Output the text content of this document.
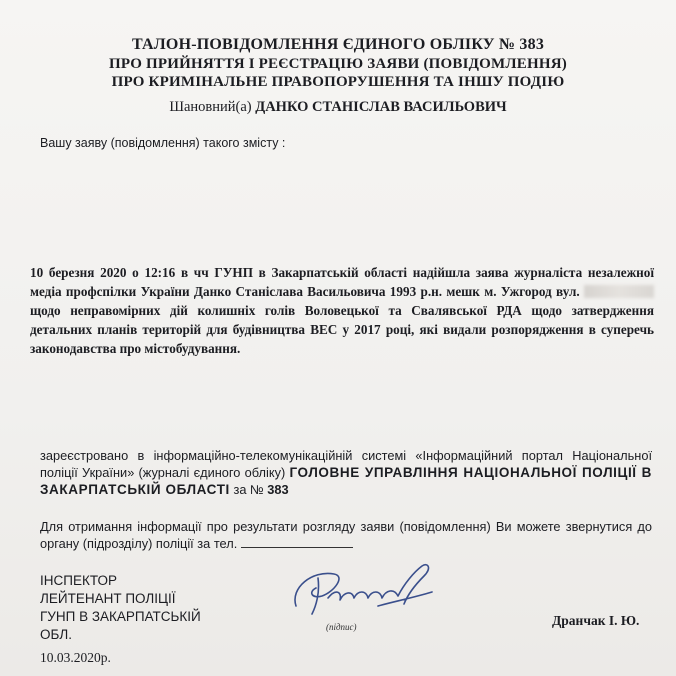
ТАЛОН-ПОВІДОМЛЕННЯ ЄДИНОГО ОБЛІКУ № 383
ПРО ПРИЙНЯТТЯ І РЕЄСТРАЦІЮ ЗАЯВИ (ПОВІДОМЛЕННЯ)
ПРО КРИМІНАЛЬНЕ ПРАВОПОРУШЕННЯ ТА ІНШУ ПОДІЮ
Шановний(а) ДАНКО СТАНІСЛАВ ВАСИЛЬОВИЧ
Вашу заяву (повідомлення) такого змісту :
10 березня 2020 о 12:16 в чч ГУНП в Закарпатській області надійшла заява журналіста незалежної медіа профспілки України Данко Станіслава Васильовича 1993 р.н. мешк м. Ужгород вул.  щодо неправомірних дій колишніх голів Воловецької та Свалявської РДА щодо затвердження детальних планів територій для будівництва ВЕС у 2017 році, які видали розпорядження в суперечь законодавства про містобудування.
зареєстровано в інформаційно-телекомунікаційній системі «Інформаційний портал Національної поліції України» (журналі єдиного обліку) ГОЛОВНЕ УПРАВЛІННЯ НАЦІОНАЛЬНОЇ ПОЛІЦІЇ В ЗАКАРПАТСЬКІЙ ОБЛАСТІ за № 383
Для отримання інформації про результати розгляду заяви (повідомлення) Ви можете звернутися до органу (підрозділу) поліції за тел.
ІНСПЕКТОР
ЛЕЙТЕНАНТ ПОЛІЦІЇ
ГУНП В ЗАКАРПАТСЬКІЙ
ОБЛ.	(підпис)	Дранчак І. Ю.
10.03.2020р.
